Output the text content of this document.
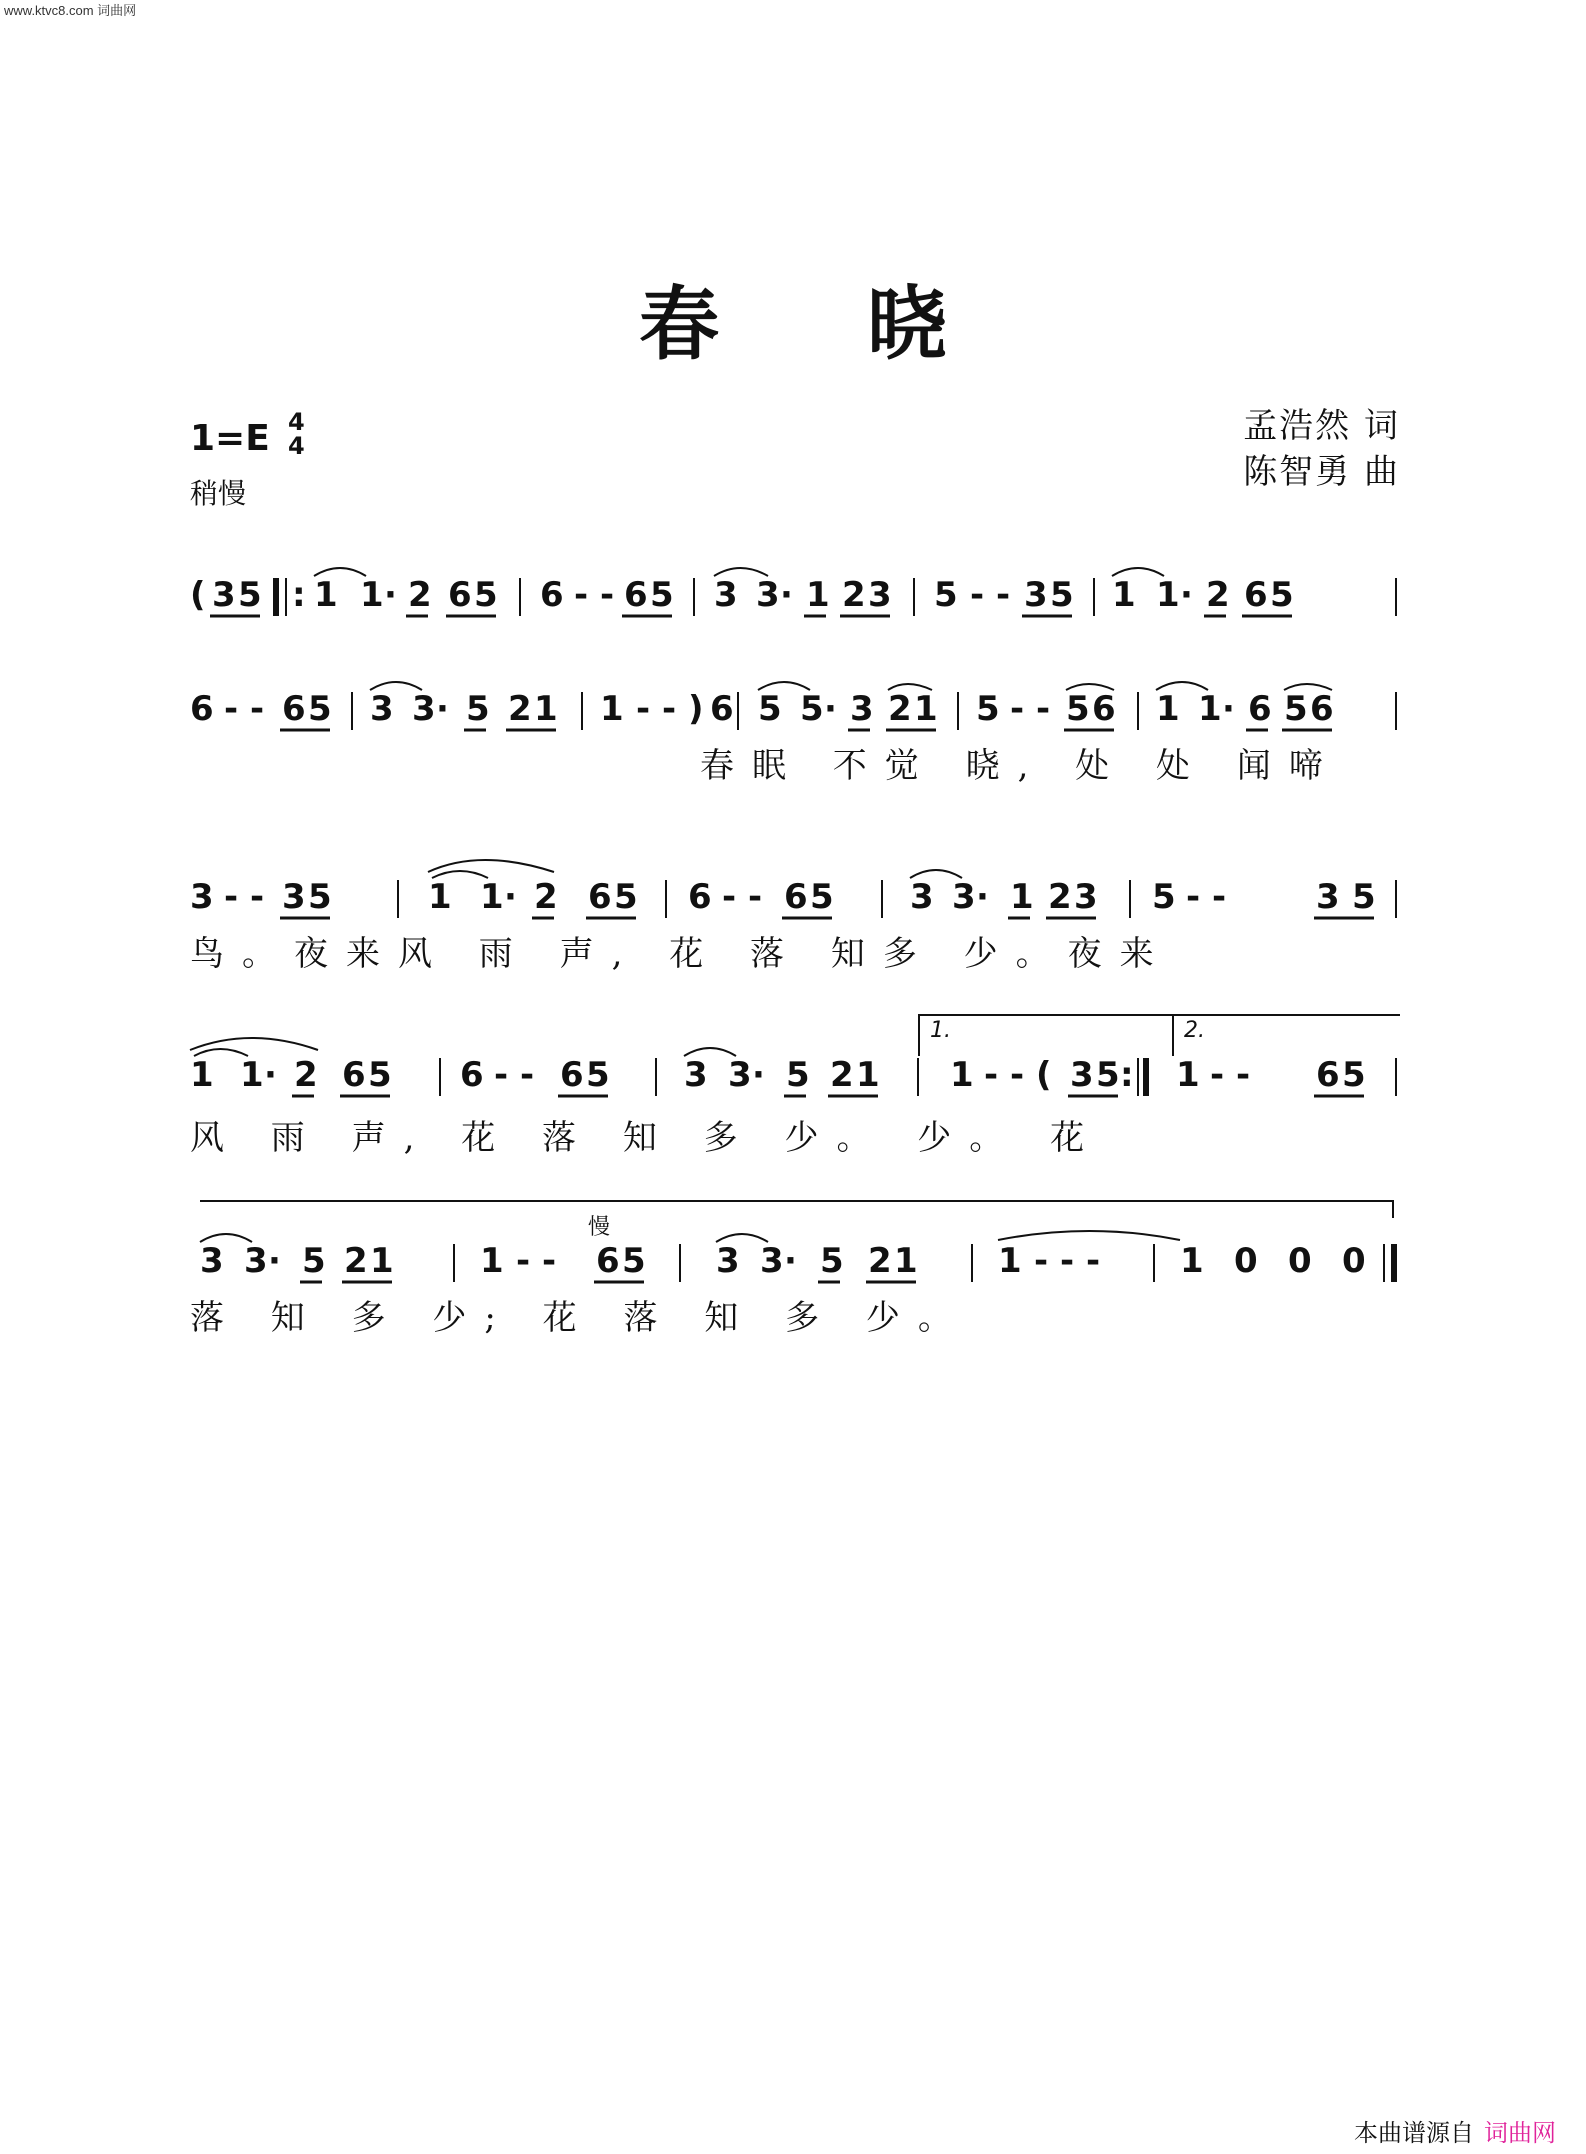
www.ktvc8.com 词曲网
春 晓
1=E 4
4
稍慢
孟浩然 词
陈智勇 曲
( 3 5 : 1 1 · 2 6 5 6 - - 6 5 3 3 · 1 2 3 5 - - 3 5 1 1 · 2 6 5
6 - - 6 5 3 3 · 5 2 1 1 - - ) 6 5 5 · 3 2 1 5 - - 5 6 1 1 · 6 5 6
春眠 不觉 晓, 处 处 闻啼
3 - - 3 5	1 1 · 2 6 5 6 - - 6 5 3 3 · 1 2 3 5 - -	3 5
鸟。夜来风 雨 声, 花 落 知多 少。夜来
1 1 · 2 6 5 6 - - 6 5 3 3 · 5 2 1 1 - - ( 3 5 : 1 - - 6 5
1.	2.
风 雨 声, 花 落 知 多 少。 少。 花
慢
3 3 · 5 2 1	1 - - 6 5 3 3 · 5 2 1 1 - - - 1 0 0 0
落 知 多 少; 花 落 知 多 少。
(3 5 ‖: 1 1· 2 6 5 | 6 - - 6 5 | 3 3· 1 2 3 | 5 - - 3 5 | 1 1· 2 6 5 |
6 - - 6 5 | 3 3· 5 2 1 | 1 - - )6 | 5 5· 3 2 1 | 5 - - 5 6 | 1 1· 6 5 6 |
3 - - 3 5 | 1 1· 2 6 5 | 6 - - 6 5 | 3 3· 1 2 3 | 5 - - 3 5 |
1 1· 2 6 5 | 6 - - 6 5 | 3 3· 5 2 1 | 1 - - ( 3 5 :‖ 1 - - 6 5 |
3 3· 5 2 1 | 1 - - 6 5 | 3 3· 5 2 1 | 1 - - - | 1 0 0 0 ‖
本曲谱源自 词曲网
